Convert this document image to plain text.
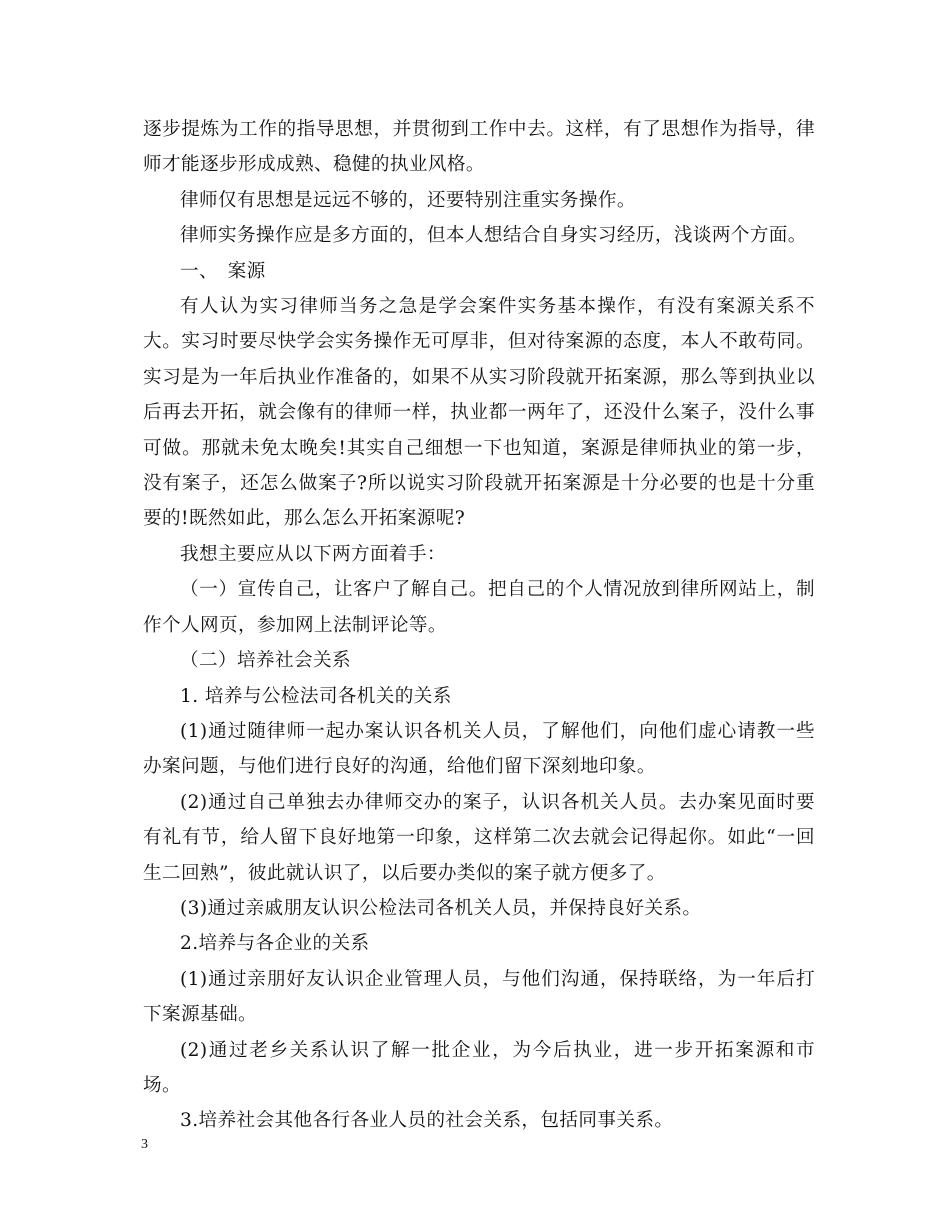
逐步提炼为工作的指导思想，并贯彻到工作中去。这样，有了思想作为指导，律师才能逐步形成成熟、稳健的执业风格。

律师仅有思想是远远不够的，还要特别注重实务操作。

律师实务操作应是多方面的，但本人想结合自身实习经历，浅谈两个方面。

一、　案源

有人认为实习律师当务之急是学会案件实务基本操作，有没有案源关系不大。实习时要尽快学会实务操作无可厚非，但对待案源的态度，本人不敢苟同。实习是为一年后执业作准备的，如果不从实习阶段就开拓案源，那么等到执业以后再去开拓，就会像有的律师一样，执业都一两年了，还没什么案子，没什么事可做。那就未免太晚矣!其实自己细想一下也知道，案源是律师执业的第一步，没有案子，还怎么做案子?所以说实习阶段就开拓案源是十分必要的也是十分重要的!既然如此，那么怎么开拓案源呢?

我想主要应从以下两方面着手：

（一）宣传自己，让客户了解自己。把自己的个人情况放到律所网站上，制作个人网页，参加网上法制评论等。

（二）培养社会关系

1. 培养与公检法司各机关的关系

(1)通过随律师一起办案认识各机关人员，了解他们，向他们虚心请教一些办案问题，与他们进行良好的沟通，给他们留下深刻地印象。

(2)通过自己单独去办律师交办的案子，认识各机关人员。去办案见面时要有礼有节，给人留下良好地第一印象，这样第二次去就会记得起你。如此“一回生二回熟”，彼此就认识了，以后要办类似的案子就方便多了。

(3)通过亲戚朋友认识公检法司各机关人员，并保持良好关系。

2.培养与各企业的关系

(1)通过亲朋好友认识企业管理人员，与他们沟通，保持联络，为一年后打下案源基础。

(2)通过老乡关系认识了解一批企业，为今后执业，进一步开拓案源和市场。

3.培养社会其他各行各业人员的社会关系，包括同事关系。

3
